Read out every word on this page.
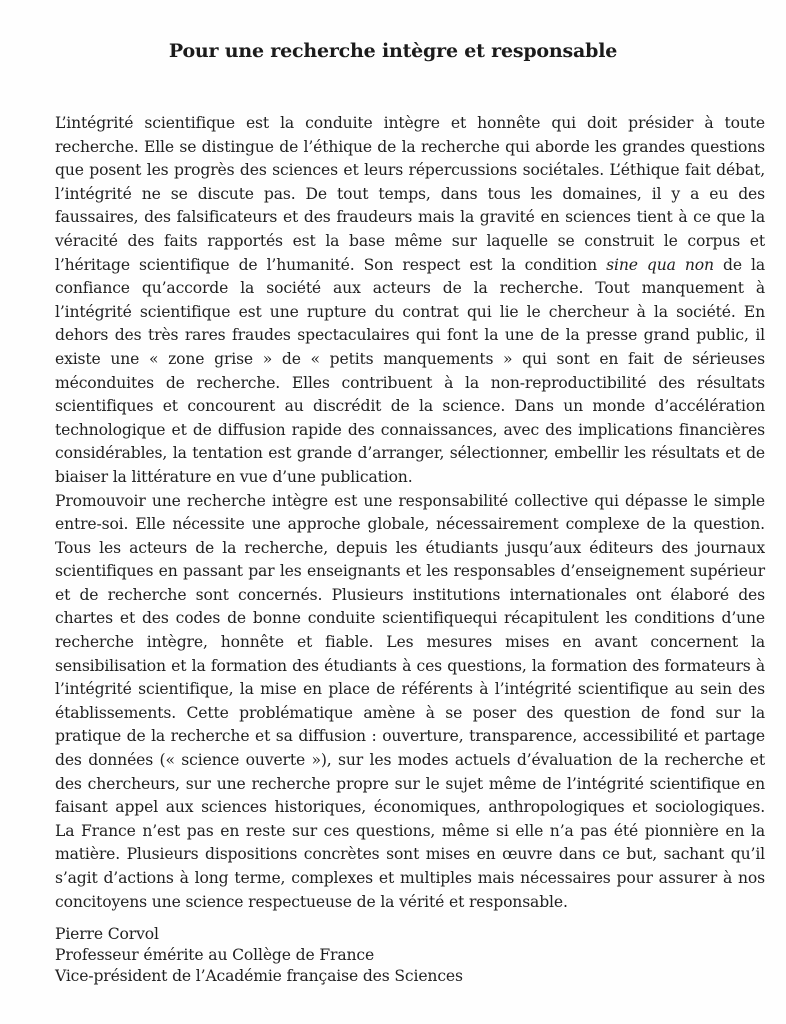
Pour une recherche intègre et responsable

L’intégrité scientifique est la conduite intègre et honnête qui doit présider à toute recherche. Elle se distingue de l’éthique de la recherche qui aborde les grandes questions que posent les progrès des sciences et leurs répercussions sociétales. L’éthique fait débat, l’intégrité ne se discute pas. De tout temps, dans tous les domaines, il y a eu des faussaires, des falsificateurs et des fraudeurs mais la gravité en sciences tient à ce que la véracité des faits rapportés est la base même sur laquelle se construit le corpus et l’héritage scientifique de l’humanité. Son respect est la condition sine qua non de la confiance qu’accorde la société aux acteurs de la recherche. Tout manquement à l’intégrité scientifique est une rupture du contrat qui lie le chercheur à la société. En dehors des très rares fraudes spectaculaires qui font la une de la presse grand public, il existe une « zone grise » de « petits manquements » qui sont en fait de sérieuses méconduites de recherche. Elles contribuent à la non-reproductibilité des résultats scientifiques et concourent au discrédit de la science. Dans un monde d’accélération technologique et de diffusion rapide des connaissances, avec des implications financières considérables, la tentation est grande d’arranger, sélectionner, embellir les résultats et de biaiser la littérature en vue d’une publication.

Promouvoir une recherche intègre est une responsabilité collective qui dépasse le simple entre-soi. Elle nécessite une approche globale, nécessairement complexe de la question. Tous les acteurs de la recherche, depuis les étudiants jusqu’aux éditeurs des journaux scientifiques en passant par les enseignants et les responsables d’enseignement supérieur et de recherche sont concernés. Plusieurs institutions internationales ont élaboré des chartes et des codes de bonne conduite scientifiquequi récapitulent les conditions d’une recherche intègre, honnête et fiable. Les mesures mises en avant concernent la sensibilisation et la formation des étudiants à ces questions, la formation des formateurs à l’intégrité scientifique, la mise en place de référents à l’intégrité scientifique au sein des établissements. Cette problématique amène à se poser des question de fond sur la pratique de la recherche et sa diffusion : ouverture, transparence, accessibilité et partage des données (« science ouverte »), sur les modes actuels d’évaluation de la recherche et des chercheurs, sur une recherche propre sur le sujet même de l’intégrité scientifique en faisant appel aux sciences historiques, économiques, anthropologiques et sociologiques. La France n’est pas en reste sur ces questions, même si elle n’a pas été pionnière en la matière. Plusieurs dispositions concrètes sont mises en œuvre dans ce but, sachant qu’il s’agit d’actions à long terme, complexes et multiples mais nécessaires pour assurer à nos concitoyens une science respectueuse de la vérité et responsable.

Pierre Corvol
Professeur émérite au Collège de France
Vice-président de l’Académie française des Sciences
